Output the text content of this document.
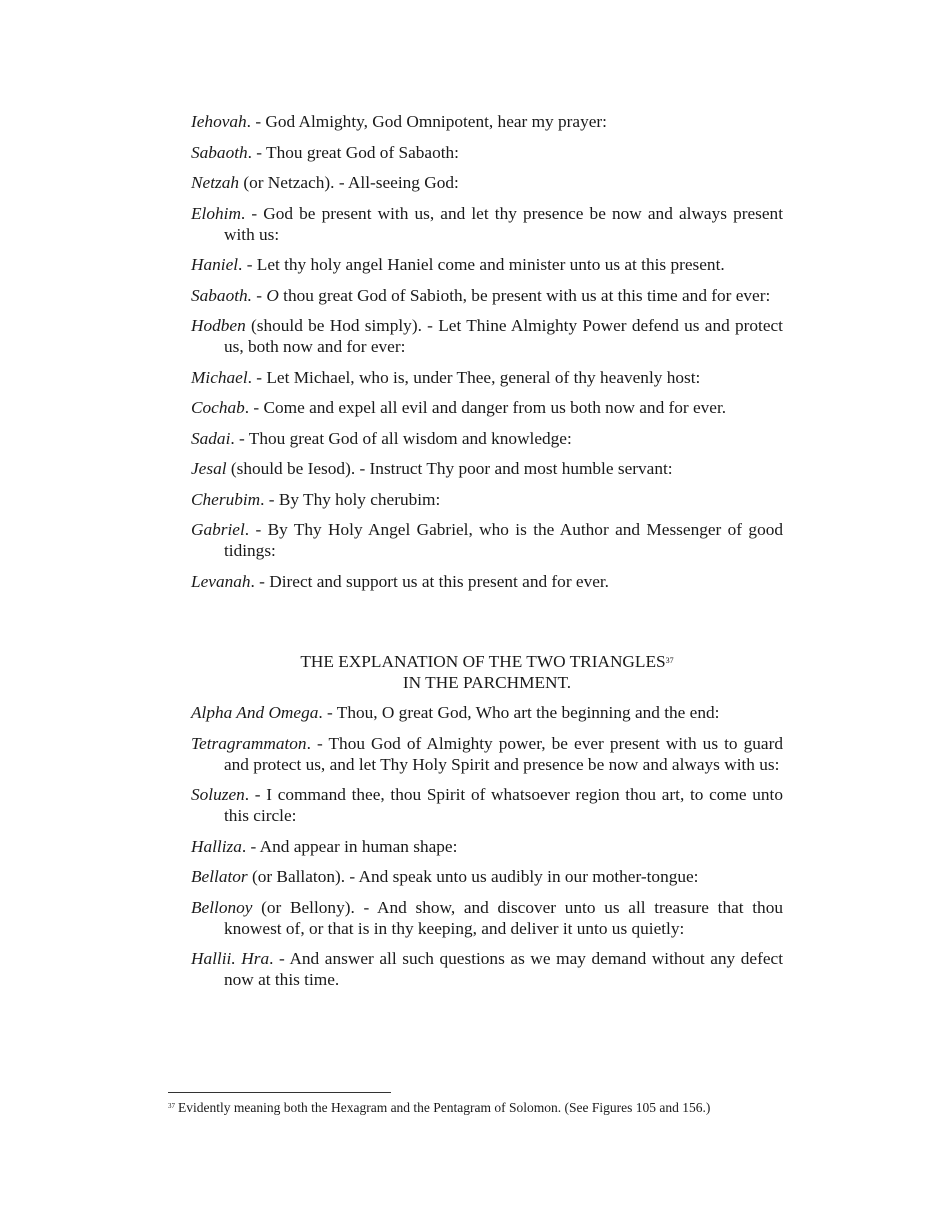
Iehovah. - God Almighty, God Omnipotent, hear my prayer:

Sabaoth. - Thou great God of Sabaoth:

Netzah (or Netzach). - All-seeing God:

Elohim. - God be present with us, and let thy presence be now and always present with us:

Haniel. - Let thy holy angel Haniel come and minister unto us at this present.

Sabaoth. - O thou great God of Sabioth, be present with us at this time and for ever:

Hodben (should be Hod simply). - Let Thine Almighty Power defend us and protect us, both now and for ever:

Michael. - Let Michael, who is, under Thee, general of thy heavenly host:

Cochab. - Come and expel all evil and danger from us both now and for ever.

Sadai. - Thou great God of all wisdom and knowledge:

Jesal (should be Iesod). - Instruct Thy poor and most humble servant:

Cherubim. - By Thy holy cherubim:

Gabriel. - By Thy Holy Angel Gabriel, who is the Author and Messenger of good tidings:

Levanah. - Direct and support us at this present and for ever.

THE EXPLANATION OF THE TWO TRIANGLES$^{37}$
IN THE PARCHMENT.

Alpha And Omega. - Thou, O great God, Who art the beginning and the end:

Tetragrammaton. - Thou God of Almighty power, be ever present with us to guard and protect us, and let Thy Holy Spirit and presence be now and always with us:

Soluzen. - I command thee, thou Spirit of whatsoever region thou art, to come unto this circle:

Halliza. - And appear in human shape:

Bellator (or Ballaton). - And speak unto us audibly in our mother-tongue:

Bellonoy (or Bellony). - And show, and discover unto us all treasure that thou knowest of, or that is in thy keeping, and deliver it unto us quietly:

Hallii. Hra. - And answer all such questions as we may demand without any defect now at this time.

$^{37}$ Evidently meaning both the Hexagram and the Pentagram of Solomon. (See Figures 105 and 156.)
